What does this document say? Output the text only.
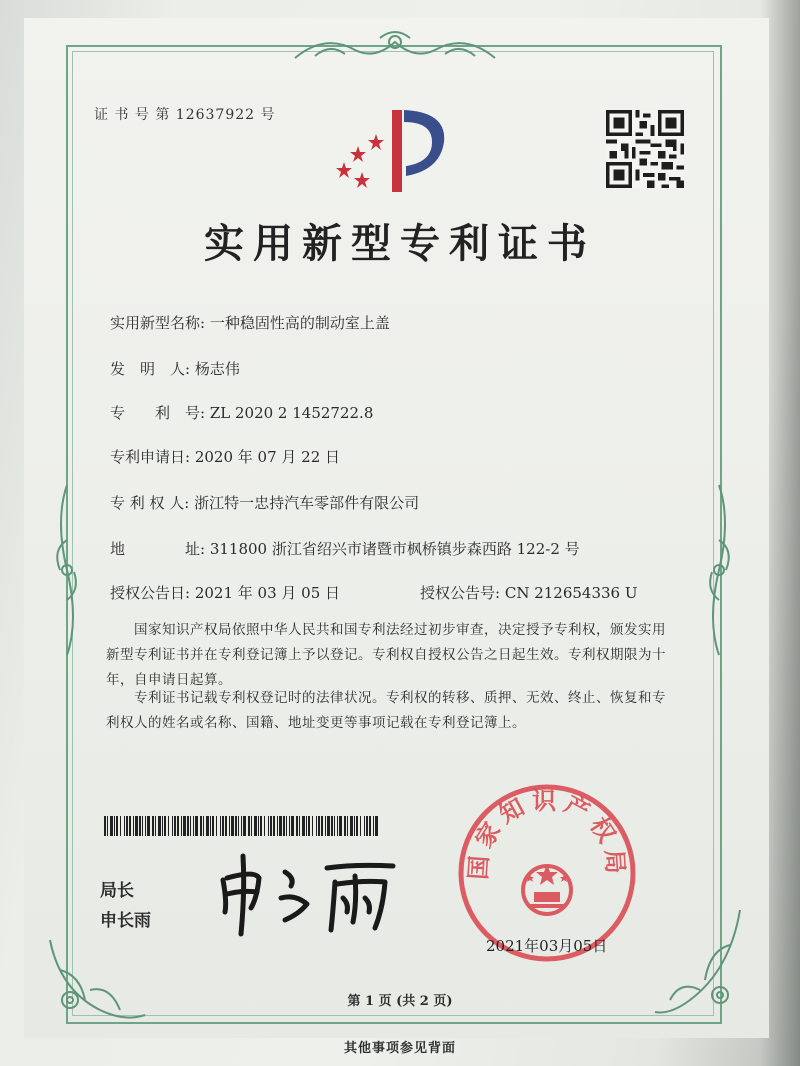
证 书 号 第 12637922 号
实用新型专利证书
实用新型名称: 一种稳固性高的制动室上盖
发　明　人: 杨志伟
专　　利　号: ZL 2020 2 1452722.8
专利申请日: 2020 年 07 月 22 日
专 利 权 人: 浙江特一忠持汽车零部件有限公司
地　　　　址: 311800 浙江省绍兴市诸暨市枫桥镇步森西路 122-2 号
授权公告日: 2021 年 03 月 05 日	授权公告号: CN 212654336 U
　　国家知识产权局依照中华人民共和国专利法经过初步审查，决定授予专利权，颁发实用
新型专利证书并在专利登记簿上予以登记。专利权自授权公告之日起生效。专利权期限为十
年，自申请日起算。
　　专利证书记载专利权登记时的法律状况。专利权的转移、质押、无效、终止、恢复和专
利权人的姓名或名称、国籍、地址变更等事项记载在专利登记簿上。
局长
申长雨
国家知识产权局
2021年03月05日
第 1 页 (共 2 页)
其他事项参见背面
